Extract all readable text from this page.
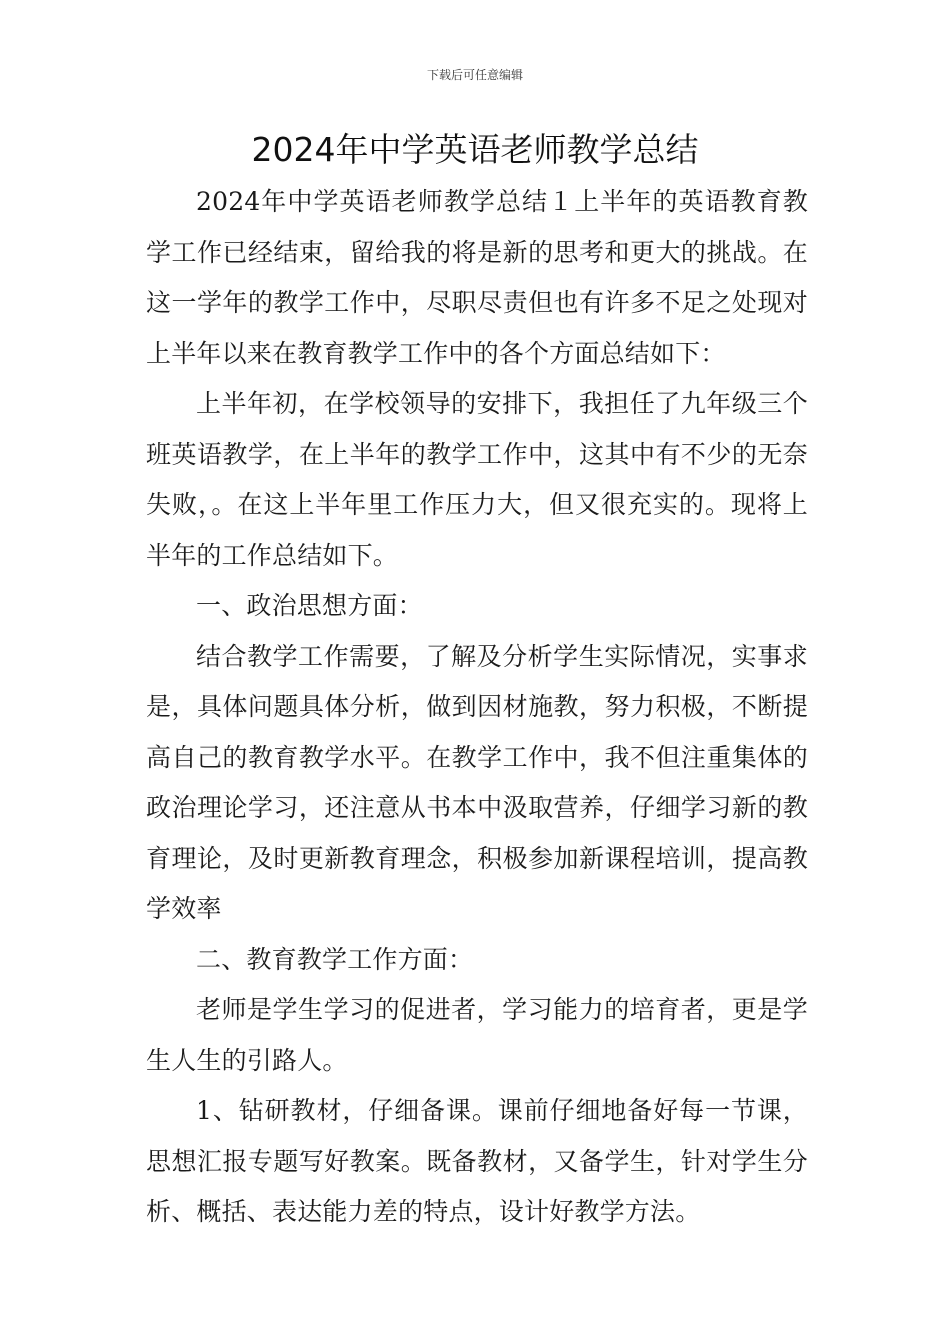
下载后可任意编辑
2024年中学英语老师教学总结

2024年中学英语老师教学总结１上半年的英语教育教学工作已经结束，留给我的将是新的思考和更大的挑战。在这一学年的教学工作中，尽职尽责但也有许多不足之处现对上半年以来在教育教学工作中的各个方面总结如下：

上半年初，在学校领导的安排下，我担任了九年级三个班英语教学，在上半年的教学工作中，这其中有不少的无奈失败，。在这上半年里工作压力大，但又很充实的。现将上半年的工作总结如下。

一、政治思想方面：

结合教学工作需要，了解及分析学生实际情况，实事求是，具体问题具体分析，做到因材施教，努力积极，不断提高自己的教育教学水平。在教学工作中，我不但注重集体的政治理论学习，还注意从书本中汲取营养，仔细学习新的教育理论，及时更新教育理念，积极参加新课程培训，提高教学效率

二、教育教学工作方面：

老师是学生学习的促进者，学习能力的培育者，更是学生人生的引路人。

1、钻研教材，仔细备课。课前仔细地备好每一节课，思想汇报专题写好教案。既备教材，又备学生，针对学生分析、概括、表达能力差的特点，设计好教学方法。
